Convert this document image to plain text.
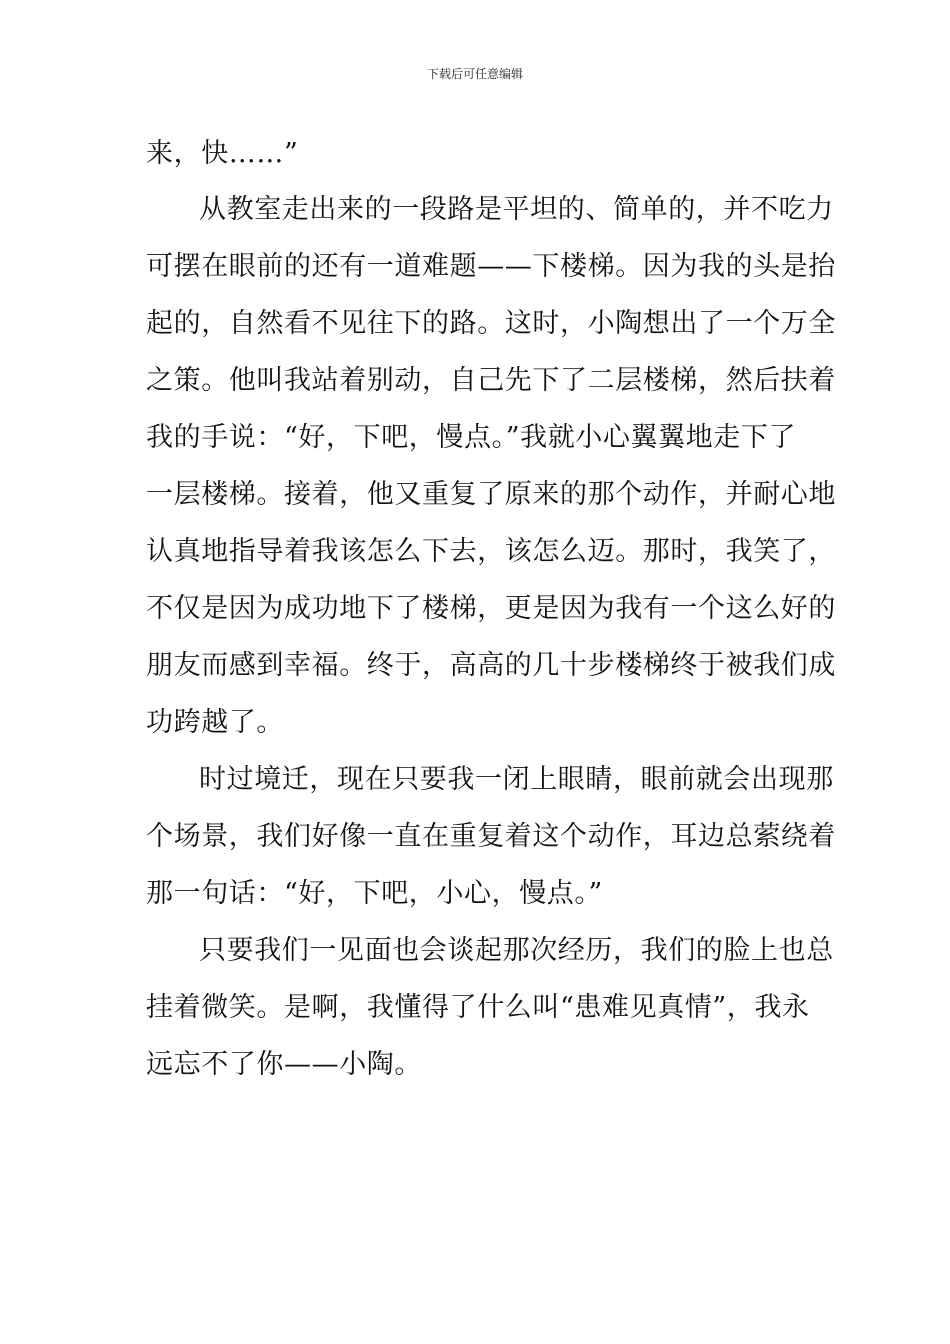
下载后可任意编辑
来，快……”
从教室走出来的一段路是平坦的、简单的，并不吃力
可摆在眼前的还有一道难题——下楼梯。因为我的头是抬
起的，自然看不见往下的路。这时，小陶想出了一个万全
之策。他叫我站着别动，自己先下了二层楼梯，然后扶着
我的手说：“好，下吧，慢点。”我就小心翼翼地走下了
一层楼梯。接着，他又重复了原来的那个动作，并耐心地
认真地指导着我该怎么下去，该怎么迈。那时，我笑了，
不仅是因为成功地下了楼梯，更是因为我有一个这么好的
朋友而感到幸福。终于，高高的几十步楼梯终于被我们成
功跨越了。
时过境迁，现在只要我一闭上眼睛，眼前就会出现那
个场景，我们好像一直在重复着这个动作，耳边总萦绕着
那一句话：“好，下吧，小心，慢点。”
只要我们一见面也会谈起那次经历，我们的脸上也总
挂着微笑。是啊，我懂得了什么叫“患难见真情”，我永
远忘不了你——小陶。
